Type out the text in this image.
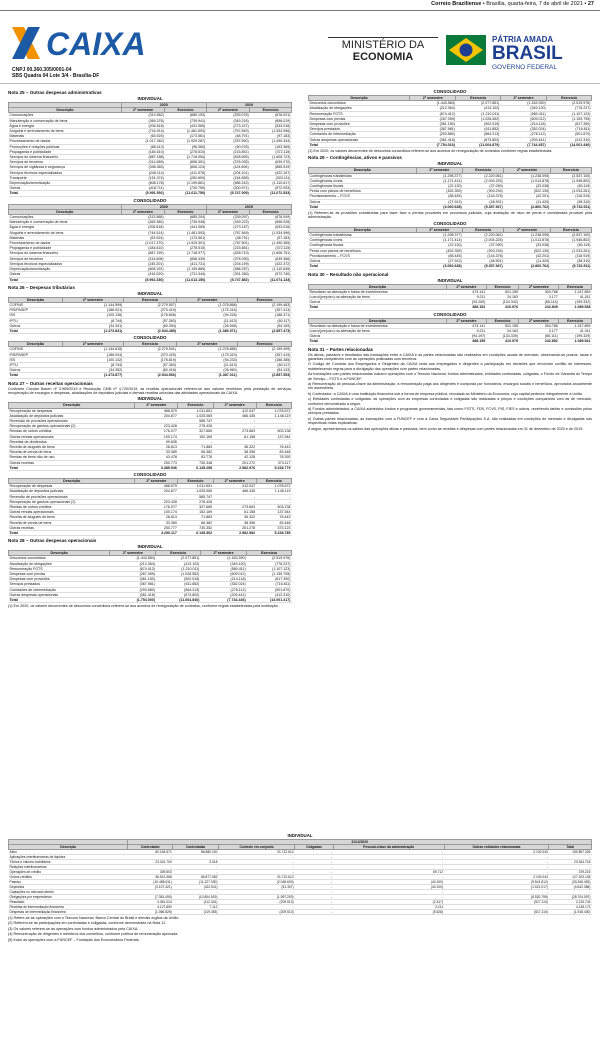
Correio Braziliense • Brasília, quarta-feira, 7 de abril de 2021 • 27
CAIXA
CNPJ 00.360.305/0001-04
SBS Quadra 04 Lote 3/4 - Brasília-DF
MINISTÉRIO DA
ECONOMIA
PÁTRIA AMADA
BRASIL
GOVERNO FEDERAL
Nota 25 – Outras despesas administrativas
INDIVIDUAL
	2020		2019	
Descrição	2º semestre	Exercício	2º semestre	Exercício
Comunicações	(313.562)	(685.193)	(339.078)	(676.021)
Manutenção e conservação de bens	(369.376)	(739.941)	(349.218)	(696.019)
Água e energia	(206.618)	(441.069)	(273.157)	(533.016)
Aluguéis e arrendamento de bens	(744.514)	(1.461.593)	(767.849)	(1.534.996)
Materiais	(63.924)	(173.561)	(48.791)	(97.183)
Processamento de dados	(1.017.362)	(1.929.287)	(787.590)	(1.490.344)
Promoções e relações públicas	(68.413)	(96.360)	(90.078)	(153.369)
Propaganda e publicidade	(184.610)	(278.510)	(215.851)	(372.115)
Serviços do sistema financeiro	(887.188)	(1.718.954)	(828.695)	(1.606.723)
Serviços de terceiros	(314.565)	(656.351)	(376.035)	(639.270)
Serviços de vigilância e segurança	(398.383)	(806.124)	(424.694)	(865.519)
Serviços técnicos especializados	(245.114)	(411.578)	(204.101)	(422.197)
Transporte	(151.074)	(282.609)	(154.658)	(303.111)
Depreciação/amortização	(608.178)	(1.199.861)	(586.243)	(1.110.617)
Outras	(418.711)	(730.759)	(300.971)	(572.093)
Total	(5.991.592)	(11.611.750)	(5.747.009)	(11.072.533)
CONSOLIDADO
	2020		2019	
Descrição	2º semestre	Exercício	2º semestre	Exercício
Comunicações	(313.568)	(685.204)	(339.097)	(676.049)
Manutenção e conservação de bens	(369.380)	(739.948)	(349.222)	(696.026)
Água e energia	(206.618)	(441.069)	(273.157)	(533.016)
Aluguéis e arrendamento de bens	(744.514)	(1.461.593)	(767.849)	(1.534.996)
Materiais	(63.924)	(173.561)	(48.791)	(97.183)
Processamento de dados	(1.017.370)	(1.929.301)	(787.601)	(1.490.365)
Propaganda e publicidade	(184.610)	(278.510)	(215.851)	(372.115)
Serviços do sistema financeiro	(887.199)	(1.718.977)	(828.710)	(1.606.751)
Serviços de terceiros	(314.608)	(656.439)	(376.090)	(639.366)
Serviços técnicos especializados	(245.201)	(411.731)	(204.199)	(422.372)
Depreciação/amortização	(608.192)	(1.199.889)	(586.257)	(1.110.645)
Outras	(419.020)	(731.344)	(301.284)	(572.740)
Total	(5.992.330)	(11.613.150)	(5.747.852)	(11.074.133)
Nota 26 – Despesas tributárias
INDIVIDUAL
Descrição	2º semestre	Exercício	2º semestre	Exercício
COFINS	(1.144.599)	(2.279.507)	(1.078.868)	(2.199.463)
PIS/PASEP	(186.021)	(370.419)	(175.316)	(357.413)
ISS	(100.136)	(176.806)	(94.226)	(186.371)
IPTU	(8.744)	(57.363)	(11.613)	(60.117)
Outros	(34.341)	(60.394)	(26.948)	(54.109)
Total	(1.473.841)	(2.944.489)	(1.386.971)	(2.857.473)
CONSOLIDADO
Descrição	2º semestre	Exercício	2º semestre	Exercício
COFINS	(1.144.615)	(2.279.541)	(1.078.886)	(2.199.499)
PIS/PASEP	(186.024)	(370.425)	(175.319)	(357.419)
ISS	(100.142)	(176.819)	(94.233)	(186.385)
IPTU	(8.744)	(57.363)	(11.613)	(60.117)
Outros	(34.352)	(60.418)	(26.960)	(54.133)
Total	(1.473.877)	(2.944.566)	(1.387.011)	(2.857.553)
Nota 27 – Outras receitas operacionais

Conforme Circular Bacen nº 3.959/2019 e Resolução CMN nº 4.720/2019, as receitas operacionais referem-se aos valores recebidos pela prestação de serviços, recuperação de encargos e despesas, atualizações de depósitos judiciais e demais receitas oriundas das atividades operacionais da CAIXA.

INDIVIDUAL
Descrição	2º semestre	Exercício	2º semestre	Exercício
Recuperação de despesas	468.579	1.011.651	412.047	1.078.672
Atualização de depósitos judiciais	204.877	1.025.065	466.435	1.146.119
Reversão de provisões operacionais	-	585.747	-	-
Recuperação de ganhos operacionais (2)	223.428	278.426	-	-
Rendas de outros créditos	176.077	327.665	273.663	603.138
Outras rendas operacionais	100.174	152.169	61.158	137.544
Receitas de dividendos	99.836	-	-	-
Receita de aluguéis de bens	28.813	71.883	36.322	76.443
Receita de venda de bens	33.389	66.382	38.396	83.448
Rendas de bens não de uso	43.478	83.778	42.128	78.393
Outras receitas	250.773	730.348	201.272	373.117
Total	3.389.946	6.145.298	2.582.976	5.228.779
CONSOLIDADO
Descrição	2º semestre	Exercício	2º semestre	Exercício
Recuperação de despesas	468.579	1.011.651	412.047	1.078.672
Atualização de depósitos judiciais	204.877	1.025.065	466.435	1.146.119
Reversão de provisões operacionais	-	585.747	-	-
Recuperação de ganhos operacionais (2)	223.428	278.426	-	-
Rendas de outros créditos	176.077	327.665	273.663	603.138
Outras rendas operacionais	100.174	152.169	61.158	137.544
Receita de aluguéis de bens	28.813	71.883	36.322	76.443
Receita de venda de bens	33.389	66.382	38.396	83.448
Outras receitas	250.777	730.352	201.278	373.123
Total	3.290.117	6.145.302	2.582.982	5.228.785
Nota 28 – Outras despesas operacionais
INDIVIDUAL
Descrição	2º semestre	Exercício	2º semestre	Exercício
Descontos concedidos	(1.443.584)	(2.077.851)	(1.163.390)	(2.519.976)
Atualização de obrigações	(212.364)	(413.102)	(349.120)	(776.237)
Remuneração FGTS	(674.412)	(1.210.011)	(560.411)	(1.107.123)
Despesas com perdas	(267.059)	(1.028.552)	(609.012)	(1.159.795)
Despesas com provisões	(361.150)	(902.015)	(214.118)	(617.390)
Serviços prestados	(367.981)	(611.852)	(352.024)	(716.811)
Comissões de intermediação	(293.580)	(564.213)	(276.112)	(501.870)
Outras despesas operacionais	(361.418)	(673.802)	(209.441)	(412.310)
Total	(1.754.000)	(11.604.840)	(7.744.446)	(14.001.417)

(1) Em 2020, os valores decorrentes de descontos concedidos referem-se aos acordos de renegociação de contratos, conforme regras estabelecidas pela instituição.

CONSOLIDADO
Descrição	2º semestre	Exercício	2º semestre	Exercício
Descontos concedidos	(1.443.584)	(2.077.851)	(1.163.390)	(2.519.976)
Atualização de obrigações	(212.364)	(413.102)	(349.120)	(776.237)
Remuneração FGTS	(674.412)	(1.210.011)	(560.411)	(1.107.123)
Despesas com perdas	(267.059)	(1.028.552)	(609.012)	(1.159.795)
Despesas com provisões	(361.150)	(902.015)	(214.118)	(617.390)
Serviços prestados	(367.981)	(611.852)	(352.024)	(716.811)
Comissões de intermediação	(293.580)	(564.213)	(276.112)	(501.870)
Outras despesas operacionais	(361.418)	(673.802)	(209.441)	(412.310)
Total	(7.754.016)	(11.604.879)	(7.744.457)	(14.001.440)

(1) Em 2020, os valores decorrentes de descontos concedidos referem-se aos acordos de renegociação de contratos conforme regras estabelecidas.

Nota 29 – Contingências, ativos e passivos
INDIVIDUAL
Descrição	2º semestre	Exercício	2º semestre	Exercício
Contingências trabalhistas	(1.298.377)	(2.220.061)	(1.238.095)	(2.537.100)
Contingências cíveis	(1.171.414)	(2.004.225)	(1.013.878)	(1.946.802)
Contingências fiscais	(22.130)	(37.090)	(33.038)	(60.119)
Perda com planos de benefícios	(452.359)	(903.294)	(522.130)	(1.033.261)
Provisionamento – FCVS	(88.445)	(144.376)	(42.201)	(116.919)
Outros	(27.913)	(48.901)	(11.420)	(38.310)
Total	(3.060.638)	(5.357.947)	(2.860.762)	(5.732.511)

(1) Referem-se às provisões constituídas para fazer face a perdas prováveis em processos judiciais, cuja avaliação de risco de perda é considerada provável pela administração.

CONSOLIDADO
Descrição	2º semestre	Exercício	2º semestre	Exercício
Contingências trabalhistas	(1.298.377)	(2.220.061)	(1.238.095)	(2.537.100)
Contingências cíveis	(1.171.414)	(2.004.225)	(1.013.878)	(1.946.802)
Contingências fiscais	(22.130)	(37.090)	(33.038)	(60.119)
Perda com planos de benefícios	(452.359)	(903.294)	(522.130)	(1.033.261)
Provisionamento – FCVS	(88.445)	(144.376)	(42.201)	(116.919)
Outros	(27.913)	(48.901)	(11.420)	(38.310)
Total	(3.060.638)	(5.357.947)	(2.860.762)	(5.732.511)
Nota 30 – Resultado não operacional
INDIVIDUAL
Descrição	2º semestre	Exercício	2º semestre	Exercício
Resultado na alienação e baixa de investimentos	473.141	521.155	304.786	1.247.859
Lucro/(prejuízo) na alienação de bens	9.211	24.163	3.177	41.011
Outros	(94.200)	(134.342)	(65.114)	(199.332)
Total	388.152	410.976	242.849	1.089.538
CONSOLIDADO
Descrição	2º semestre	Exercício	2º semestre	Exercício
Resultado na alienação e baixa de investimentos	473.141	521.155	304.786	1.247.859
Lucro/(prejuízo) na alienação de bens	9.211	24.163	3.177	41.011
Outros	(94.197)	(134.339)	(65.111)	(199.329)
Total	388.155	410.979	242.852	1.089.541
Nota 31 – Partes relacionadas

Os ativos, passivos e resultados das transações entre a CAIXA e as partes relacionadas são realizados em condições usuais de mercado, observando-se prazos, taxas e garantias compatíveis com as operações praticadas com terceiros.

O Código de Conduta dos Empregados e Dirigentes da CAIXA veda aos empregados e dirigentes a participação em decisões que envolvam conflito de interesses, estabelecendo regras para a divulgação das operações com partes relacionadas.

As transações com partes relacionadas incluem operações com o Tesouro Nacional, fundos administrados, entidades controladas, coligadas, o Fundo de Garantia do Tempo de Serviço – FGTS e a FUNCEF.

a) Remuneração do pessoal-chave da administração: a remuneração paga aos dirigentes é composta por honorários, encargos sociais e benefícios, aprovados anualmente em assembleia.

b) Controlador: a CAIXA é uma instituição financeira sob a forma de empresa pública, vinculada ao Ministério da Economia, cujo capital pertence integralmente à União.

c) Entidades controladas e coligadas: as operações com as empresas controladas e coligadas são realizadas a preços e condições compatíveis com as de mercado, conforme demonstrado a seguir.

d) Fundos administrados: a CAIXA administra fundos e programas governamentais, tais como FGTS, FDS, FCVS, PIS, FIES e outros, recebendo tarifas e comissões pelos serviços prestados.

e) Outras partes relacionadas: as transações com a FUNCEF e com a Caixa Seguridade Participações S.A. são realizadas em condições de mercado e divulgadas nas respectivas notas explicativas.

A seguir, apresentamos os saldos das operações ativas e passivas, bem como as receitas e despesas com partes relacionadas em 31 de dezembro de 2020 e de 2019.

INDIVIDUAL
	31/12/2020						
Descrição	Controlador	Controladas	Controle em conjunto	Coligadas	Pessoal-chave da administração	Outras entidades relacionadas	Total
Ativo	60.164.571	56.880.100	31.712.612	-	-	2.100.043	150.857.326
Aplicações interfinanceiras de liquidez	-	-	-	-	-	-	-
Títulos e valores mobiliários	23.341.700	3.018	-	-	-	-	23.344.718
Relações interfinanceiras	-	-	-	-	-	-	-
Operações de crédito	309.503	-	-	-	69.712	-	379.215
Outros créditos	36.513.368	56.877.082	31.712.612	-	-	2.100.043	127.203.105
Passivo	(10.488.911)	(11.227.030)	(2.048.600)	-	(40.100)	(9.541.812)	(33.346.453)
Depósitos	(3.107.421)	(422.511)	(51.307)	-	(40.100)	(1.021.017)	(4.642.356)
Captações no mercado aberto	-	-	-	-	-	-	-
Obrigações por empréstimos	(7.381.490)	(10.804.519)	(1.997.293)	-	-	(8.520.795)	(28.704.097)
Resultado	3.061.024	(112.341)	(209.513)	-	(2.317)	(517.110)	2.219.743
Receitas de intermediação financeira	4.127.850	7.112	-	-	3.211	-	4.138.173
Despesas de intermediação financeira	(1.066.826)	(119.453)	(209.513)	-	(5.528)	(517.110)	(1.918.430)

(1) Refere-se às operações com o Tesouro Nacional, Banco Central do Brasil e demais órgãos da União.

(2) Referem-se às participações em controladas e coligadas, conforme demonstrado na Nota 12.

(3) Os valores referem-se às operações com fundos administrados pela CAIXA.

(4) Remuneração de dirigentes e membros dos conselhos, conforme política de remuneração aprovada.

(5) Inclui as operações com a FUNCEF – Fundação dos Economiários Federais.
